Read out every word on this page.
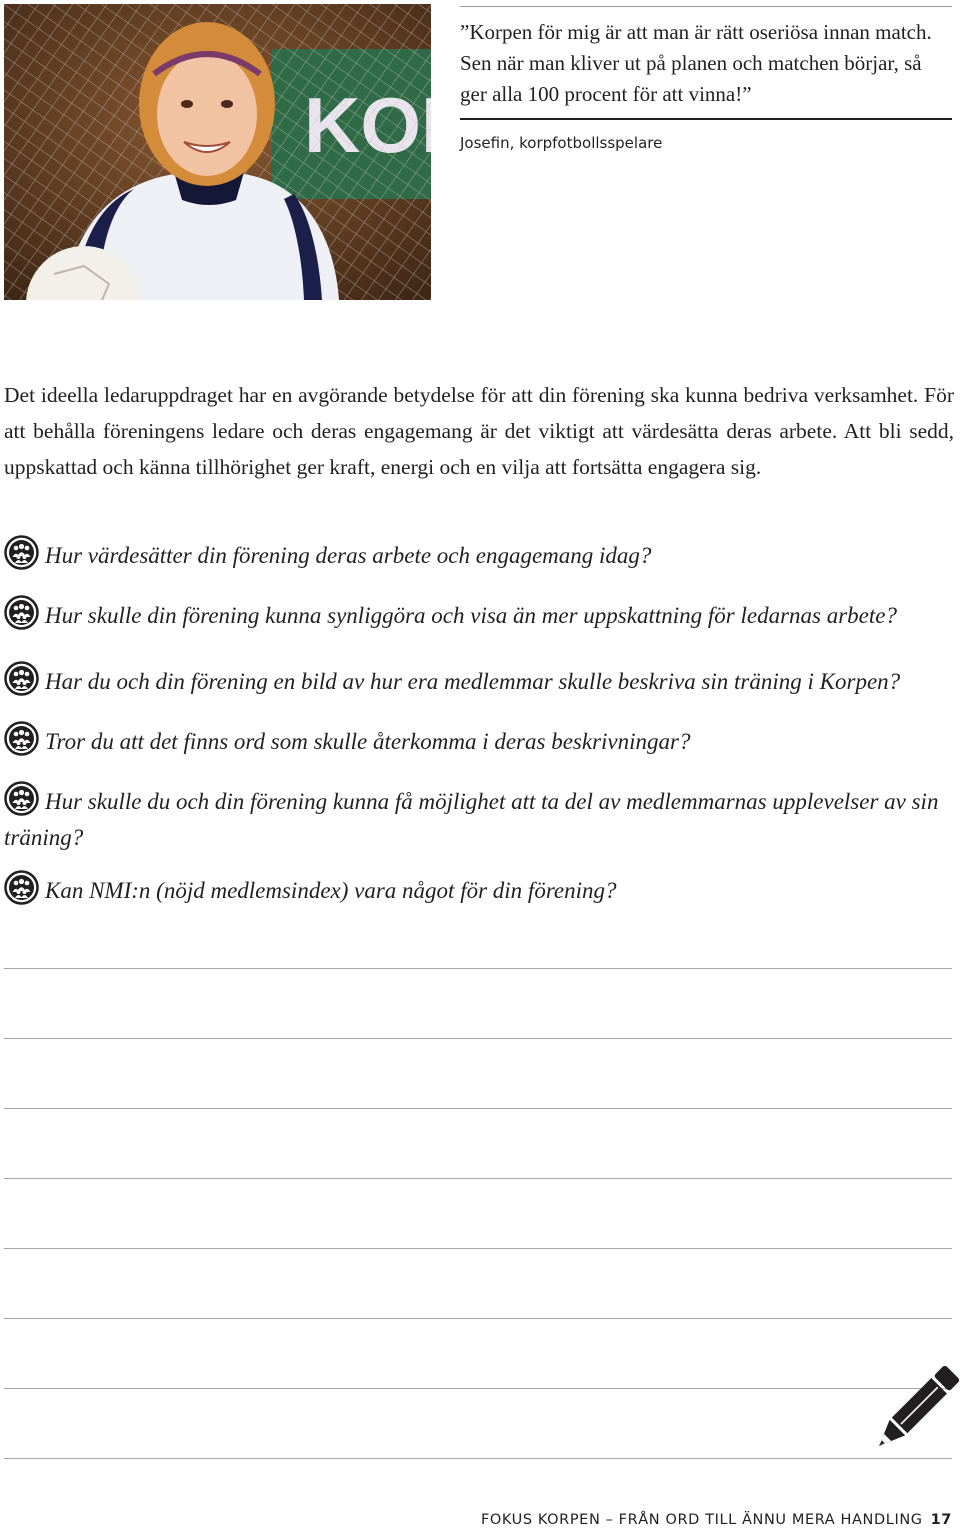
”Korpen för mig är att man är rätt oseriösa innan match. Sen när man kliver ut på planen och matchen börjar, så ger alla 100 procent för att vinna!”

Josefin, korpfotbollsspelare

Det ideella ledaruppdraget har en avgörande betydelse för att din förening ska kunna bedriva verksamhet. För att behålla föreningens ledare och deras engagemang är det viktigt att värdesätta deras arbete. Att bli sedd, uppskattad och känna tillhörighet ger kraft, energi och en vilja att fortsätta engagera sig.

Hur värdesätter din förening deras arbete och engagemang idag?

Hur skulle din förening kunna synliggöra och visa än mer uppskattning för ledarnas arbete?

Har du och din förening en bild av hur era medlemmar skulle beskriva sin träning i Korpen?

Tror du att det finns ord som skulle återkomma i deras beskrivningar?

Hur skulle du och din förening kunna få möjlighet att ta del av medlemmarnas upplevelser av sin träning?

Kan NMI:n (nöjd medlemsindex) vara något för din förening?

FOKUS KORPEN – FRÅN ORD TILL ÄNNU MERA HANDLING 17
